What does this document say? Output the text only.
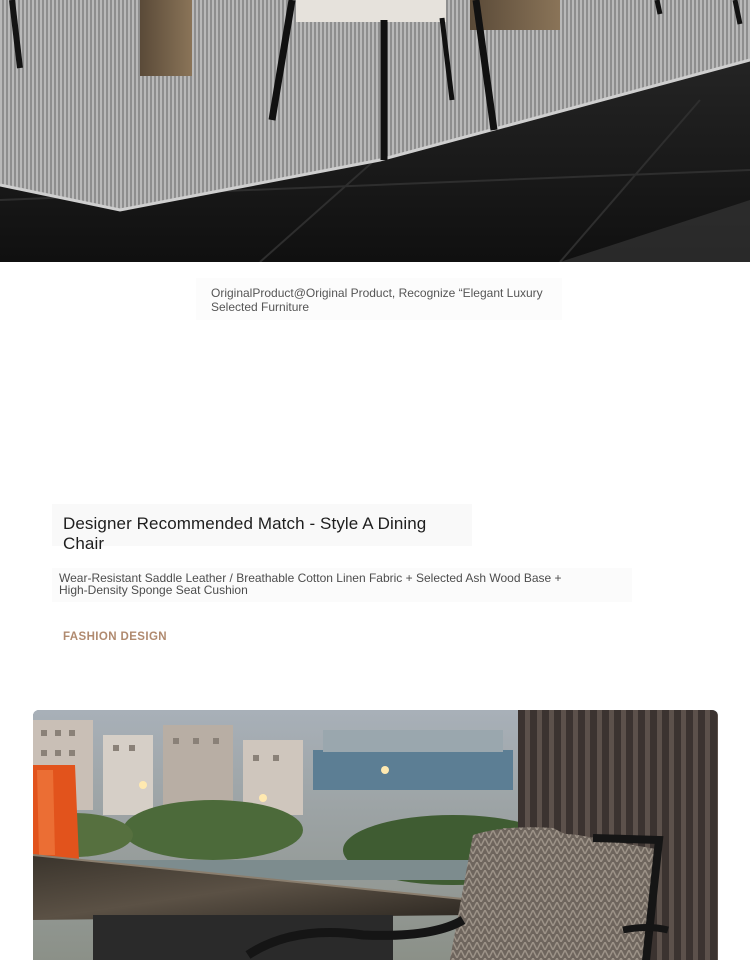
OriginalProduct@Original Product, Recognize “Elegant Luxury
Selected Furniture
Designer Recommended Match - Style A Dining Chair
Wear-Resistant Saddle Leather / Breathable Cotton Linen Fabric + Selected Ash Wood Base +
High-Density Sponge Seat Cushion
FASHION DESIGN
